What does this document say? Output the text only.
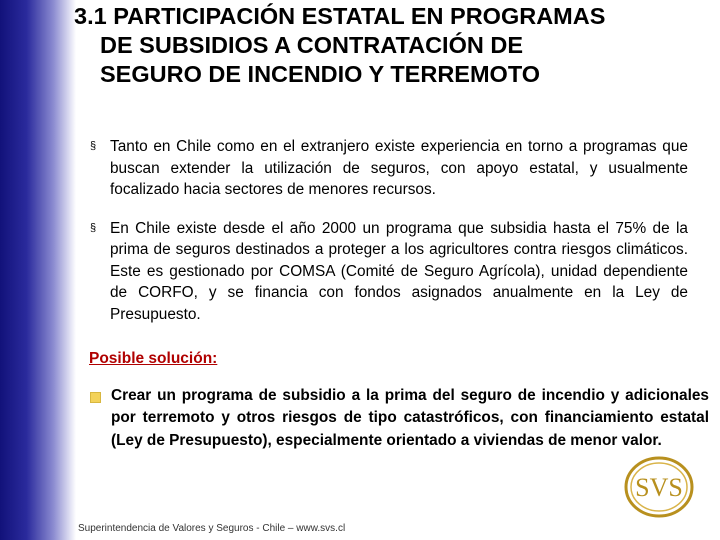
3.1 PARTICIPACIÓN ESTATAL EN PROGRAMAS
DE SUBSIDIOS A CONTRATACIÓN DE
SEGURO DE INCENDIO Y TERREMOTO
§ Tanto en Chile como en el extranjero existe experiencia en torno a programas que buscan extender la utilización de seguros, con apoyo estatal, y usualmente focalizado hacia sectores de menores recursos.
§ En Chile existe desde el año 2000 un programa que subsidia hasta el 75% de la prima de seguros destinados a proteger a los agricultores contra riesgos climáticos. Este es gestionado por COMSA (Comité de Seguro Agrícola), unidad dependiente de CORFO, y se financia con fondos asignados anualmente en la Ley de Presupuesto.
Posible solución:
Crear un programa de subsidio a la prima del seguro de incendio y adicionales por terremoto y otros riesgos de tipo catastróficos, con financiamiento estatal (Ley de Presupuesto), especialmente orientado a viviendas de menor valor.
SVS
Superintendencia de Valores y Seguros - Chile – www.svs.cl
